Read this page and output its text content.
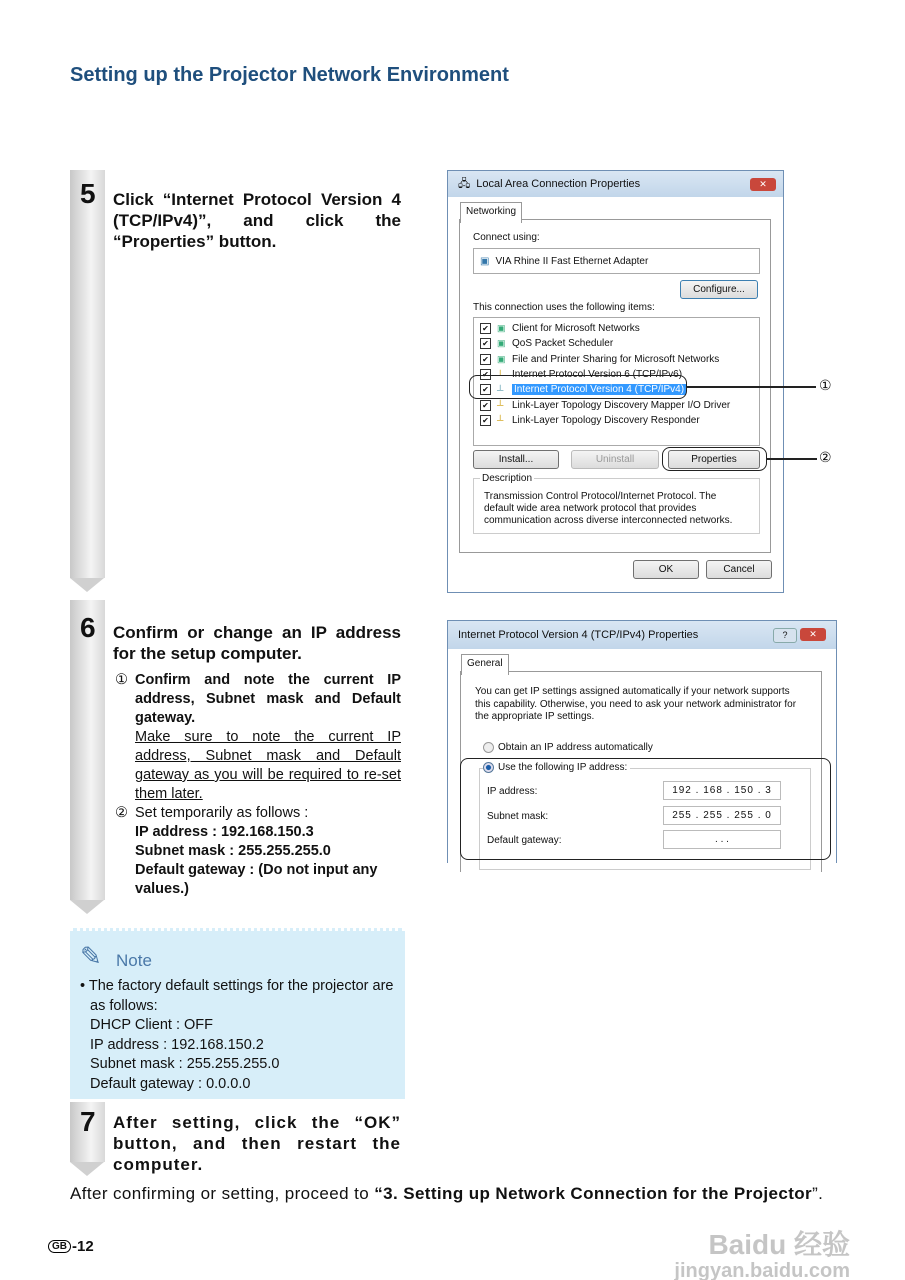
Setting up the Projector Network Environment
5 Click “Internet Protocol Version 4 (TCP/IPv4)”, and click the “Properties” button.
🖧 Local Area Connection Properties	✕
Connect using:
▣ VIA Rhine II Fast Ethernet Adapter
Configure...
This connection uses the following items:
✔ ▣ Client for Microsoft Networks
✔ ▣ QoS Packet Scheduler
✔ ▣ File and Printer Sharing for Microsoft Networks
✔ ┴ Internet Protocol Version 6 (TCP/IPv6)
✔ ┴	Internet Protocol Version 4 (TCP/IPv4)
✔ ┴ Link-Layer Topology Discovery Mapper I/O Driver
✔ ┴ Link-Layer Topology Discovery Responder
Install...	Uninstall	Properties
Description
Transmission Control Protocol/Internet Protocol. The default wide area network protocol that provides communication across diverse interconnected networks.
Networking
OK	Cancel
①
②
6 Confirm or change an IP address for the setup computer.
① Confirm and note the current IP address, Subnet mask and Default gateway.
Make sure to note the current IP address, Subnet mask and Default gateway as you will be required to re-set them later.
② Set temporarily as follows :
IP address : 192.168.150.3
Subnet mask : 255.255.255.0
Default gateway : (Do not input any values.)
Internet Protocol Version 4 (TCP/IPv4) Properties	?	✕
You can get IP settings assigned automatically if your network supports this capability. Otherwise, you need to ask your network administrator for the appropriate IP settings.
Obtain an IP address automatically
Use the following IP address:
IP address:	192 . 168 . 150 . 3
Subnet mask:	255 . 255 . 255 . 0
Default gateway:	. . .
General
✎ Note
• The factory default settings for the projector are as follows:
DHCP Client : OFF
IP address : 192.168.150.2
Subnet mask : 255.255.255.0
Default gateway : 0.0.0.0
7 After setting, click the “OK” button, and then restart the computer.
After confirming or setting, proceed to “3. Setting up Network Connection for the Projector”.
GB -12	Baidu 经验
jingyan.baidu.com
